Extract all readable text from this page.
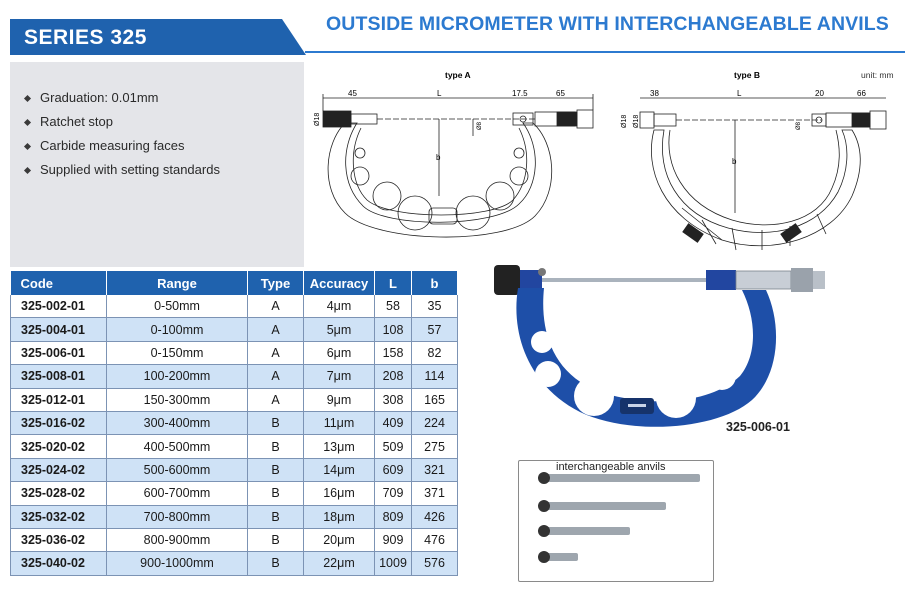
SERIES 325
OUTSIDE MICROMETER WITH INTERCHANGEABLE ANVILS
Graduation: 0.01mm
Ratchet stop
Carbide measuring faces
Supplied with setting standards
unit: mm
type A
45	L	17.5	65
b
Ø18	Ø8
type B
38	L	20	66
b
Ø18 Ø18	Ø8
Code	Range	Type	Accuracy	L	b
325-002-01	0-50mm	A	4μm	58	35
325-004-01	0-100mm	A	5μm	108	57
325-006-01	0-150mm	A	6μm	158	82
325-008-01	100-200mm	A	7μm	208	114
325-012-01	150-300mm	A	9μm	308	165
325-016-02	300-400mm	B	11μm	409	224
325-020-02	400-500mm	B	13μm	509	275
325-024-02	500-600mm	B	14μm	609	321
325-028-02	600-700mm	B	16μm	709	371
325-032-02	700-800mm	B	18μm	809	426
325-036-02	800-900mm	B	20μm	909	476
325-040-02	900-1000mm	B	22μm	1009	576
325-006-01
interchangeable anvils
